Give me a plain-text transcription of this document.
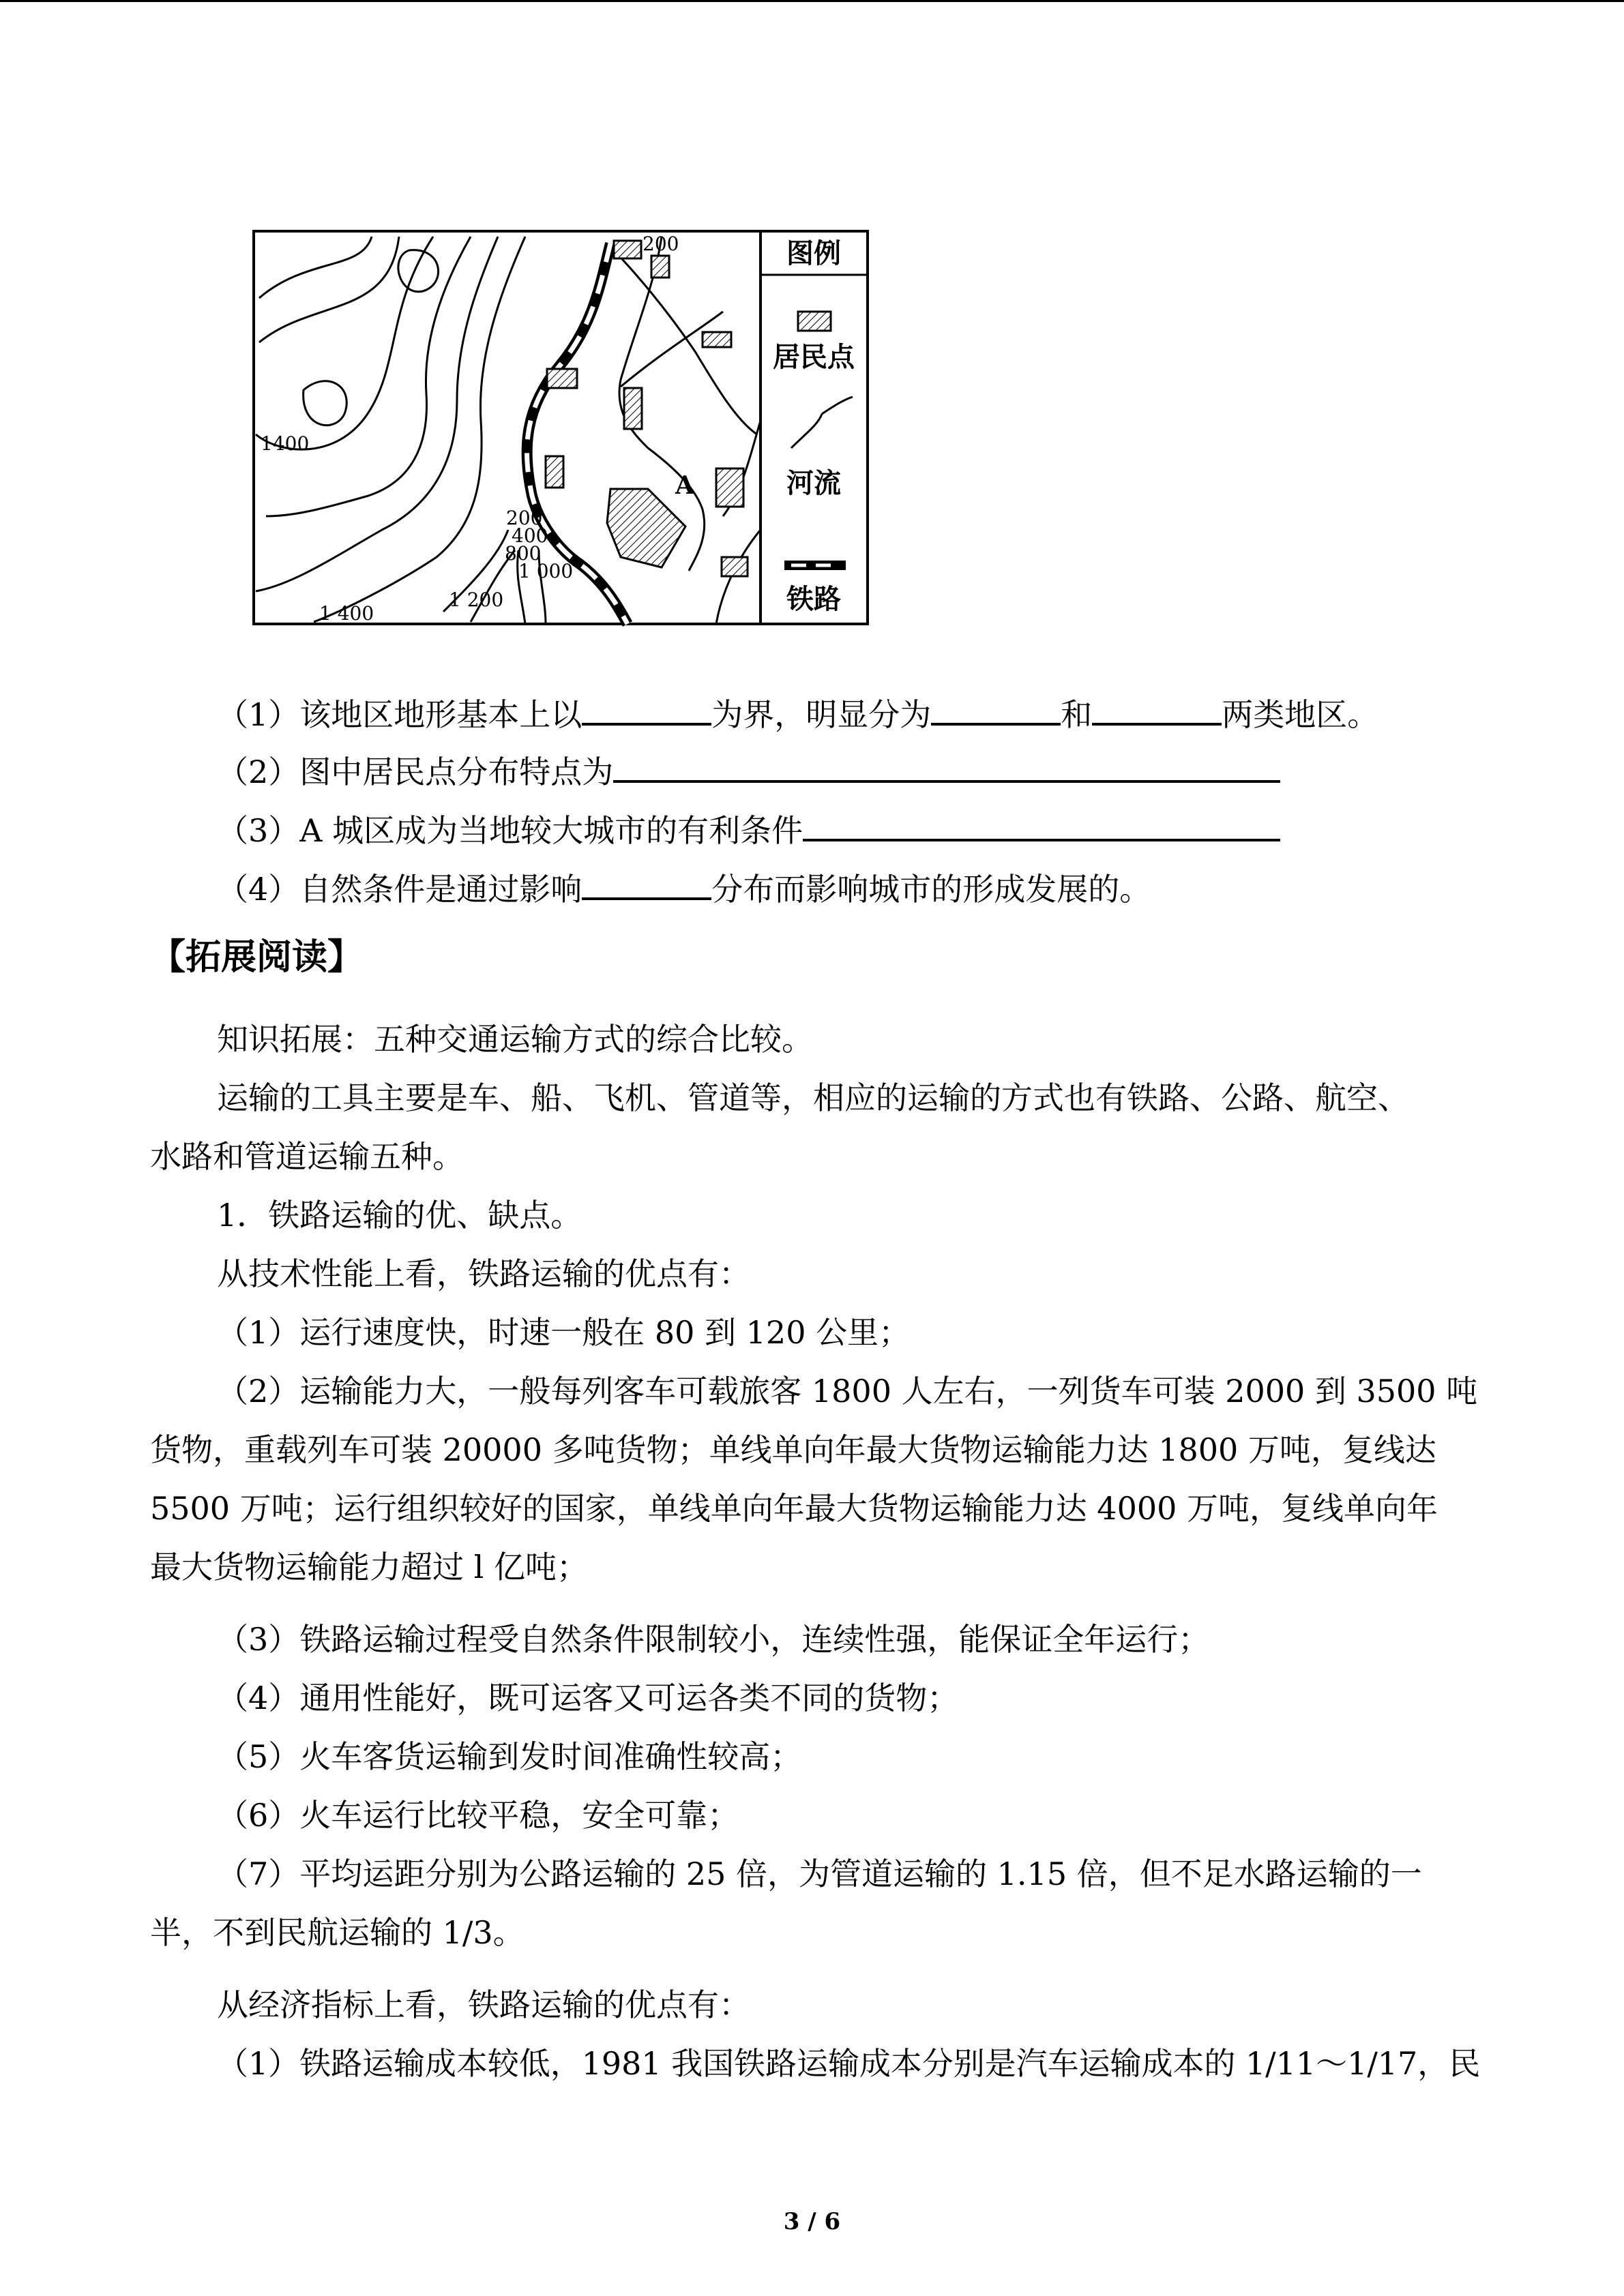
图例
居民点
河流
铁路
A
200
1400
200
400
800
1 000
1 200
1 400
（1）该地区地形基本上以	为界，明显分为	和	两类地区。
（2）图中居民点分布特点为
（3）A 城区成为当地较大城市的有利条件
（4）自然条件是通过影响	分布而影响城市的形成发展的。
【拓展阅读】
知识拓展：五种交通运输方式的综合比较。
运输的工具主要是车、船、飞机、管道等，相应的运输的方式也有铁路、公路、航空、
水路和管道运输五种。
1．铁路运输的优、缺点。
从技术性能上看，铁路运输的优点有：
（1）运行速度快，时速一般在 80 到 120 公里；
（2）运输能力大，一般每列客车可载旅客 1800 人左右，一列货车可装 2000 到 3500 吨
货物，重载列车可装 20000 多吨货物；单线单向年最大货物运输能力达 1800 万吨，复线达
5500 万吨；运行组织较好的国家，单线单向年最大货物运输能力达 4000 万吨，复线单向年
最大货物运输能力超过 l 亿吨；
（3）铁路运输过程受自然条件限制较小，连续性强，能保证全年运行；
（4）通用性能好，既可运客又可运各类不同的货物；
（5）火车客货运输到发时间准确性较高；
（6）火车运行比较平稳，安全可靠；
（7）平均运距分别为公路运输的 25 倍，为管道运输的 1.15 倍，但不足水路运输的一
半，不到民航运输的 1/3。
从经济指标上看，铁路运输的优点有：
（1）铁路运输成本较低，1981 我国铁路运输成本分别是汽车运输成本的 1/11～1/17，民
3 / 6
